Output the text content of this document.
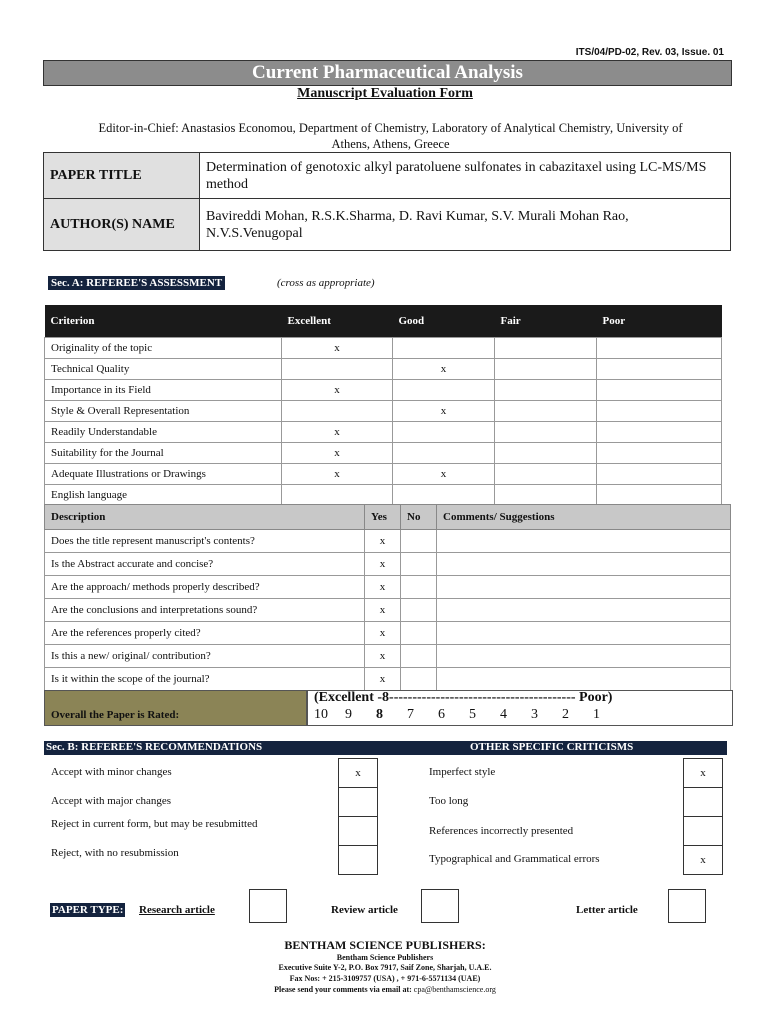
ITS/04/PD-02, Rev. 03, Issue. 01
Current Pharmaceutical Analysis
Manuscript Evaluation Form
Editor-in-Chief: Anastasios Economou, Department of Chemistry, Laboratory of Analytical Chemistry, University of
Athens, Athens, Greece
PAPER TITLE	Determination of genotoxic alkyl paratoluene sulfonates in cabazitaxel using LC-MS/MS method
AUTHOR(S) NAME	Bavireddi Mohan, R.S.K.Sharma, D. Ravi Kumar, S.V. Murali Mohan Rao, N.V.S.Venugopal
Sec. A: REFEREE'S ASSESSMENT	(cross as appropriate)
Criterion	Excellent	Good	Fair	Poor
Originality of the topic	x			
Technical Quality		x		
Importance in its Field	x			
Style & Overall Representation		x		
Readily Understandable	x			
Suitability for the Journal	x			
Adequate Illustrations or Drawings	x	x		
English language				
Description	Yes	No	Comments/ Suggestions
Does the title represent manuscript's contents?	x		
Is the Abstract accurate and concise?	x		
Are the approach/ methods properly described?	x		
Are the conclusions and interpretations sound?	x		
Are the references properly cited?	x		
Is this a new/ original/ contribution?	x		
Is it within the scope of the journal?	x		
Overall the Paper is Rated:
(Excellent -8---------------------------------------- Poor)
10 9 8 7 6 5 4 3 2 1
Sec. B: REFEREE'S RECOMMENDATIONS	OTHER SPECIFIC CRITICISMS
Accept with minor changes	x
Accept with major changes
Reject in current form, but may be resubmitted
Reject, with no resubmission
Imperfect style	x
Too long
References incorrectly presented
Typographical and Grammatical errors	x
PAPER TYPE: Research article	Review article	Letter article
BENTHAM SCIENCE PUBLISHERS:
Bentham Science Publishers
Executive Suite Y-2, P.O. Box 7917, Saif Zone, Sharjah, U.A.E.
Fax Nos: + 215-3109757 (USA) , + 971-6-5571134 (UAE)
Please send your comments via email at: cpa@benthamscience.org
